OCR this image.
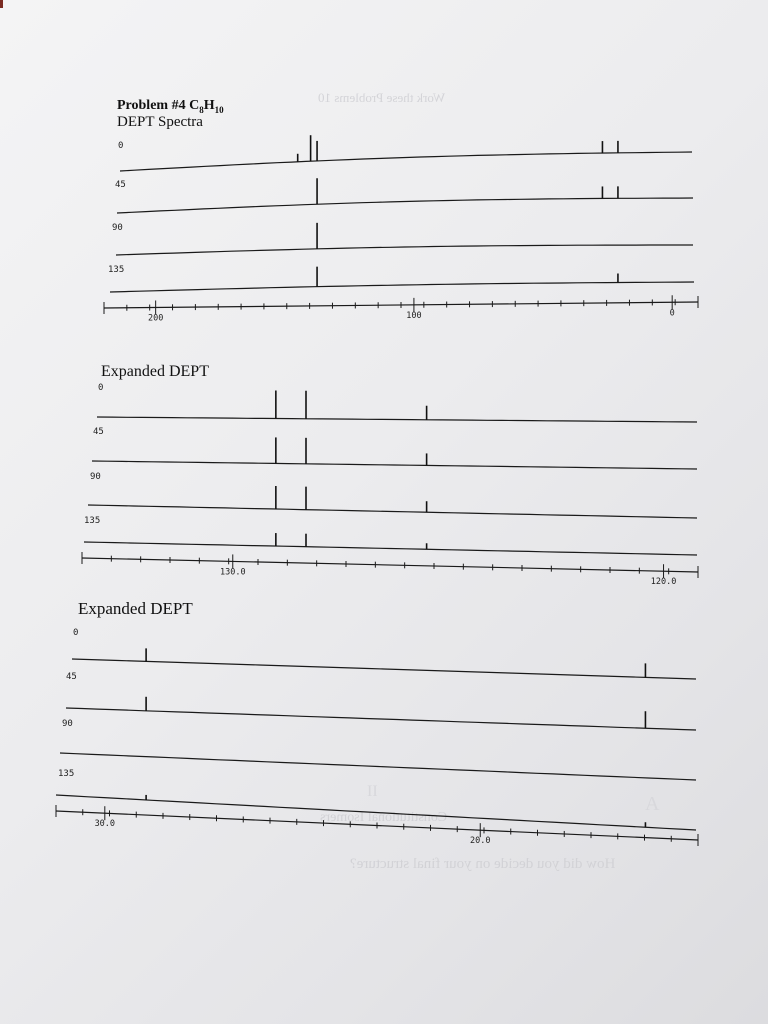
Work these Problems 10
How did you decide on your final structure?
Constitutional Isomers
A
II
Problem #4 $C_8H_{10}$
DEPT Spectra
Expanded DEPT
Expanded DEPT
0
45
90
135
200	100	0
0
45
90
135
130.0
120.0
0
45
90
135
30.0
20.0
